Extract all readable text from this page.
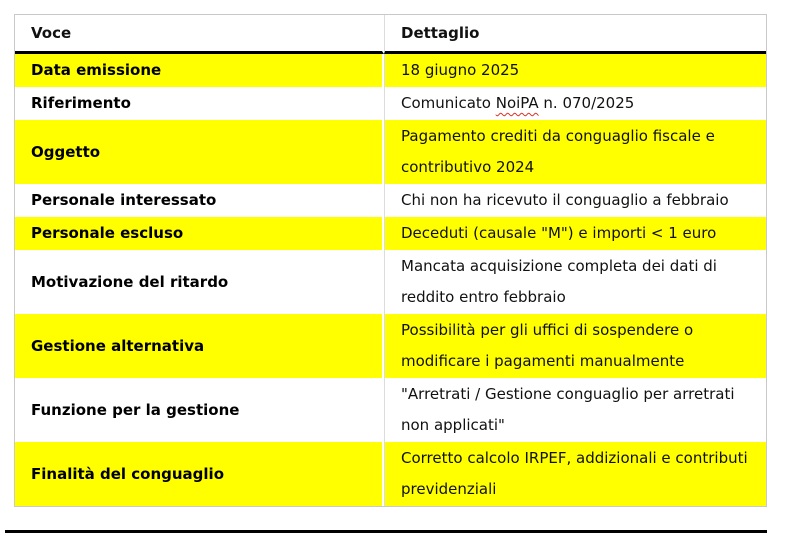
Voce	Dettaglio
Data emissione	18 giugno 2025
Riferimento	Comunicato NoiPA n. 070/2025
Oggetto	Pagamento crediti da conguaglio fiscale e contributivo 2024
Personale interessato	Chi non ha ricevuto il conguaglio a febbraio
Personale escluso	Deceduti (causale "M") e importi < 1 euro
Motivazione del ritardo	Mancata acquisizione completa dei dati di reddito entro febbraio
Gestione alternativa	Possibilità per gli uffici di sospendere o modificare i pagamenti manualmente
Funzione per la gestione	"Arretrati / Gestione conguaglio per arretrati non applicati"
Finalità del conguaglio	Corretto calcolo IRPEF, addizionali e contributi previdenziali
